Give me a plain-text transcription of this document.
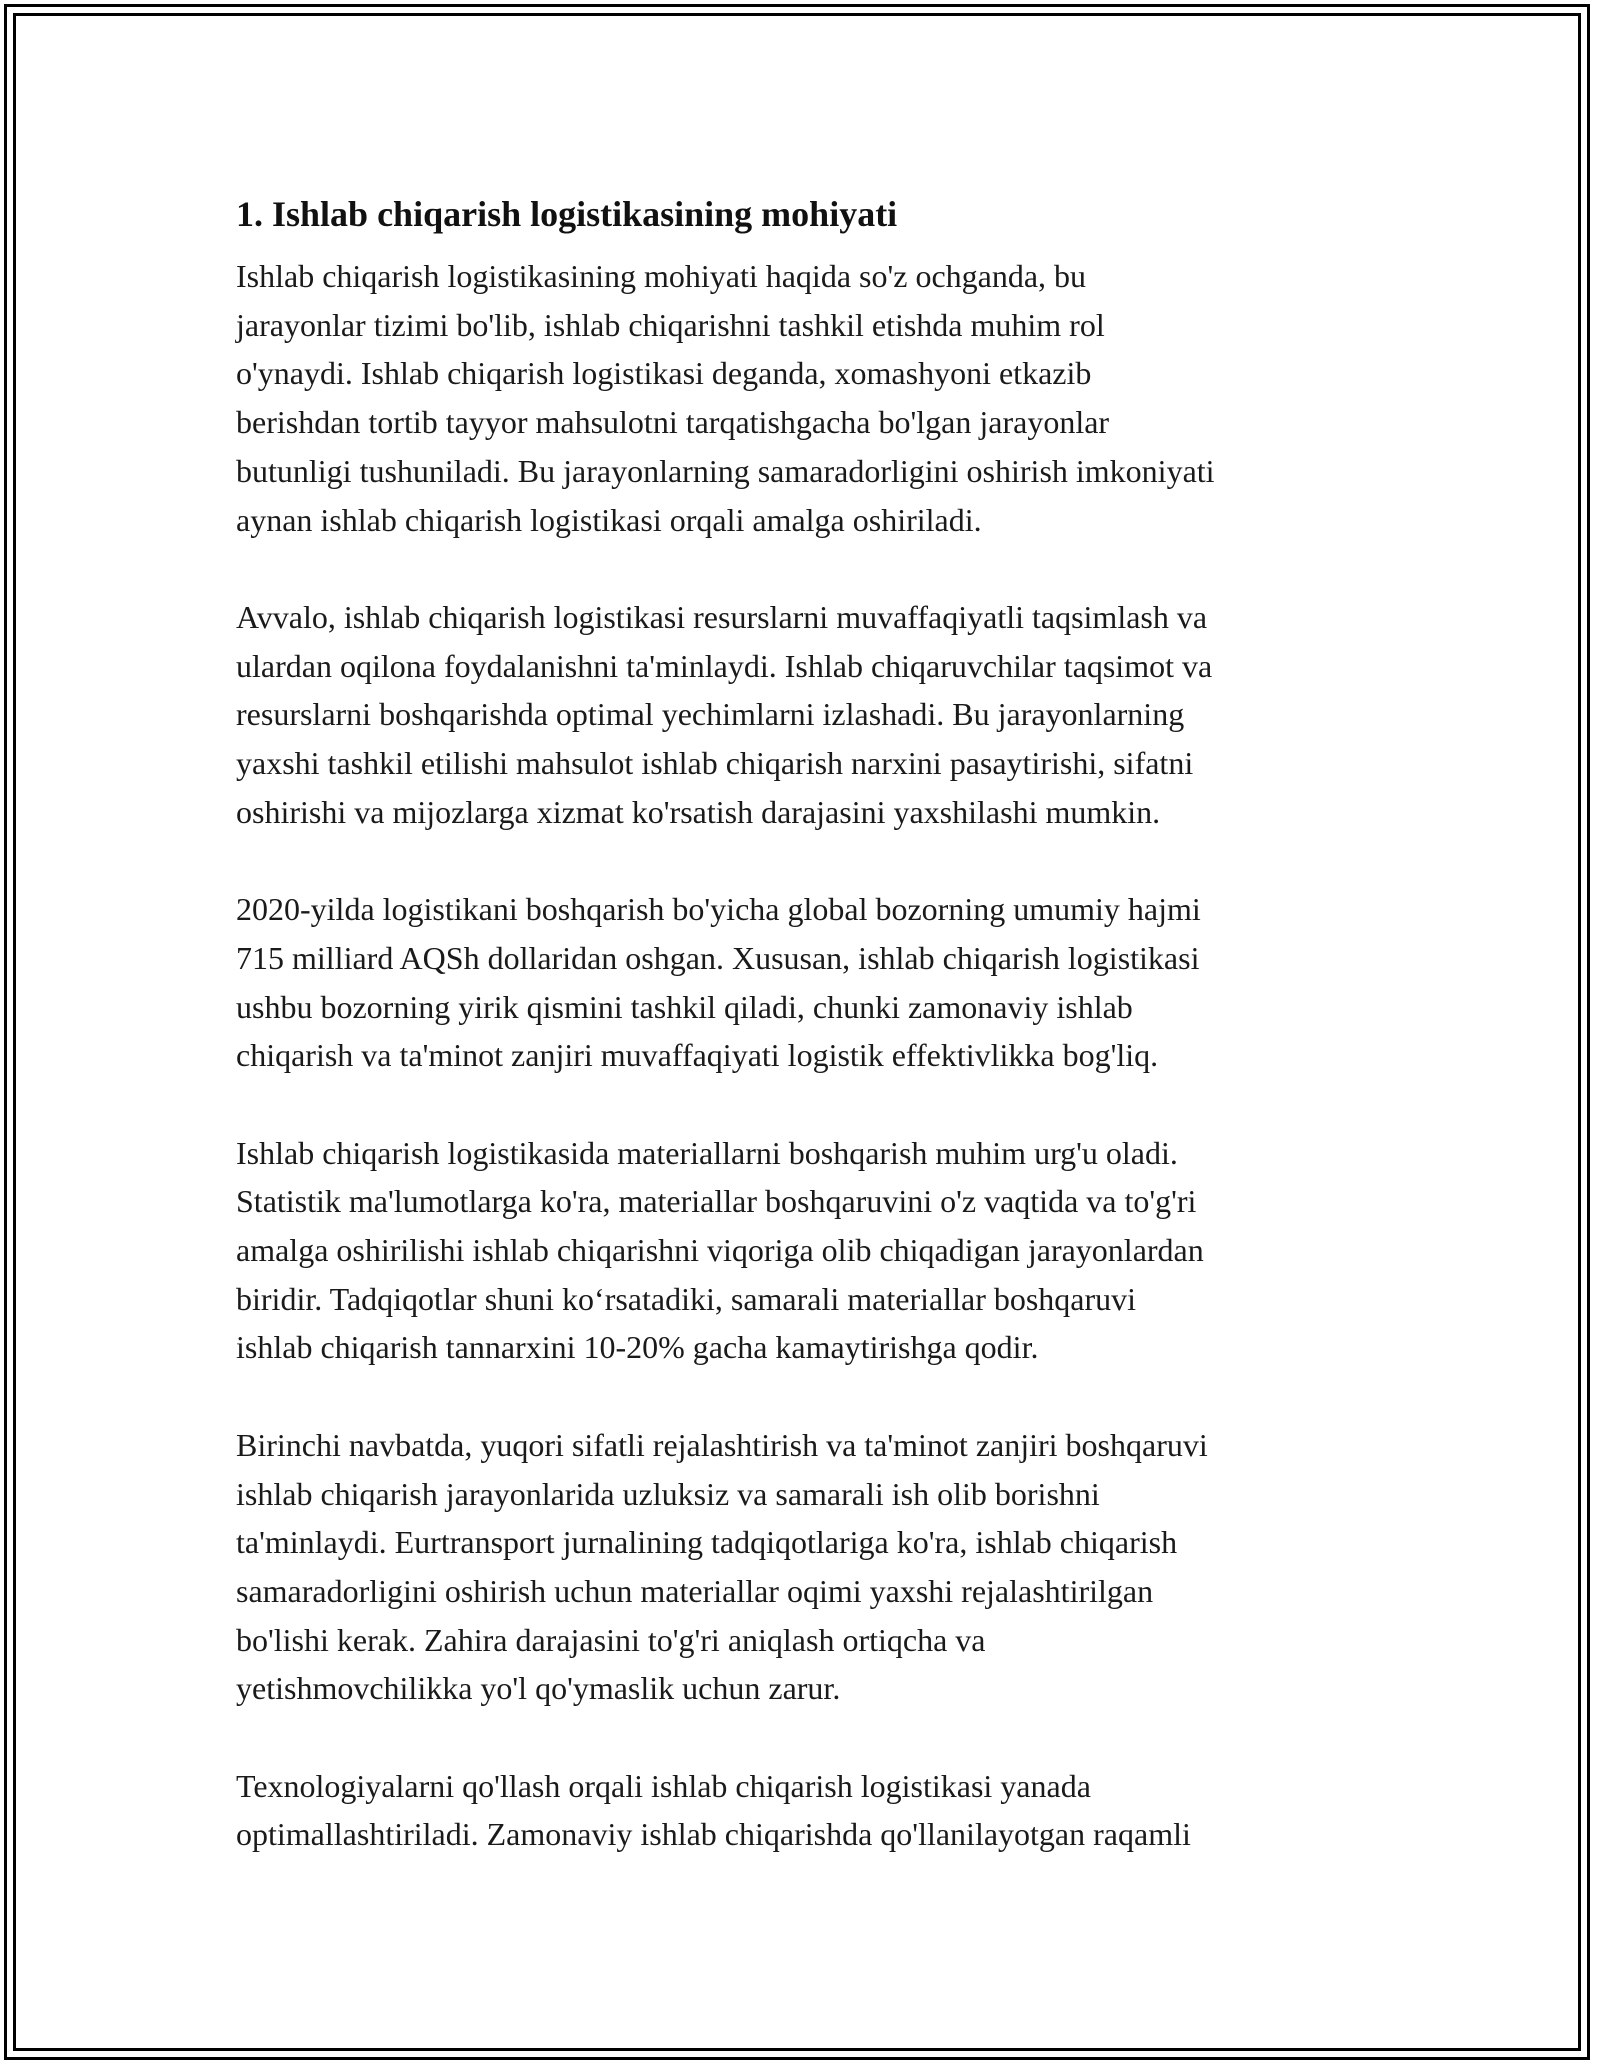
1. Ishlab chiqarish logistikasining mohiyati

Ishlab chiqarish logistikasining mohiyati haqida so'z ochganda, bu
jarayonlar tizimi bo'lib, ishlab chiqarishni tashkil etishda muhim rol
o'ynaydi. Ishlab chiqarish logistikasi deganda, xomashyoni etkazib
berishdan tortib tayyor mahsulotni tarqatishgacha bo'lgan jarayonlar
butunligi tushuniladi. Bu jarayonlarning samaradorligini oshirish imkoniyati
aynan ishlab chiqarish logistikasi orqali amalga oshiriladi.

Avvalo, ishlab chiqarish logistikasi resurslarni muvaffaqiyatli taqsimlash va
ulardan oqilona foydalanishni ta'minlaydi. Ishlab chiqaruvchilar taqsimot va
resurslarni boshqarishda optimal yechimlarni izlashadi. Bu jarayonlarning
yaxshi tashkil etilishi mahsulot ishlab chiqarish narxini pasaytirishi, sifatni
oshirishi va mijozlarga xizmat ko'rsatish darajasini yaxshilashi mumkin.

2020-yilda logistikani boshqarish bo'yicha global bozorning umumiy hajmi
715 milliard AQSh dollaridan oshgan. Xususan, ishlab chiqarish logistikasi
ushbu bozorning yirik qismini tashkil qiladi, chunki zamonaviy ishlab
chiqarish va ta'minot zanjiri muvaffaqiyati logistik effektivlikka bog'liq.

Ishlab chiqarish logistikasida materiallarni boshqarish muhim urg'u oladi.
Statistik ma'lumotlarga ko'ra, materiallar boshqaruvini o'z vaqtida va to'g'ri
amalga oshirilishi ishlab chiqarishni viqoriga olib chiqadigan jarayonlardan
biridir. Tadqiqotlar shuni ko‘rsatadiki, samarali materiallar boshqaruvi
ishlab chiqarish tannarxini 10-20% gacha kamaytirishga qodir.

Birinchi navbatda, yuqori sifatli rejalashtirish va ta'minot zanjiri boshqaruvi
ishlab chiqarish jarayonlarida uzluksiz va samarali ish olib borishni
ta'minlaydi. Eurtransport jurnalining tadqiqotlariga ko'ra, ishlab chiqarish
samaradorligini oshirish uchun materiallar oqimi yaxshi rejalashtirilgan
bo'lishi kerak. Zahira darajasini to'g'ri aniqlash ortiqcha va
yetishmovchilikka yo'l qo'ymaslik uchun zarur.

Texnologiyalarni qo'llash orqali ishlab chiqarish logistikasi yanada
optimallashtiriladi. Zamonaviy ishlab chiqarishda qo'llanilayotgan raqamli
